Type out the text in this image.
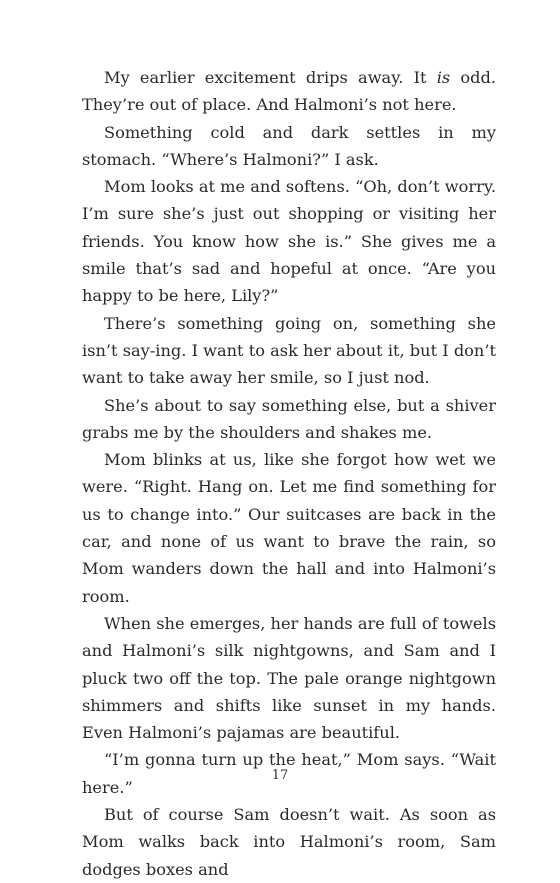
My earlier excitement drips away. It is odd. They’re out of place. And Halmoni’s not here.

Something cold and dark settles in my stomach. “Where’s Halmoni?” I ask.

Mom looks at me and softens. “Oh, don’t worry. I’m sure she’s just out shopping or visiting her friends. You know how she is.” She gives me a smile that’s sad and hopeful at once. “Are you happy to be here, Lily?”

There’s something going on, something she isn’t say-ing. I want to ask her about it, but I don’t want to take away her smile, so I just nod.

She’s about to say something else, but a shiver grabs me by the shoulders and shakes me.

Mom blinks at us, like she forgot how wet we were. “Right. Hang on. Let me find something for us to change into.” Our suitcases are back in the car, and none of us want to brave the rain, so Mom wanders down the hall and into Halmoni’s room.

When she emerges, her hands are full of towels and Halmoni’s silk nightgowns, and Sam and I pluck two off the top. The pale orange nightgown shimmers and shifts like sunset in my hands. Even Halmoni’s pajamas are beautiful.

“I’m gonna turn up the heat,” Mom says. “Wait here.”

But of course Sam doesn’t wait. As soon as Mom walks back into Halmoni’s room, Sam dodges boxes and

17
